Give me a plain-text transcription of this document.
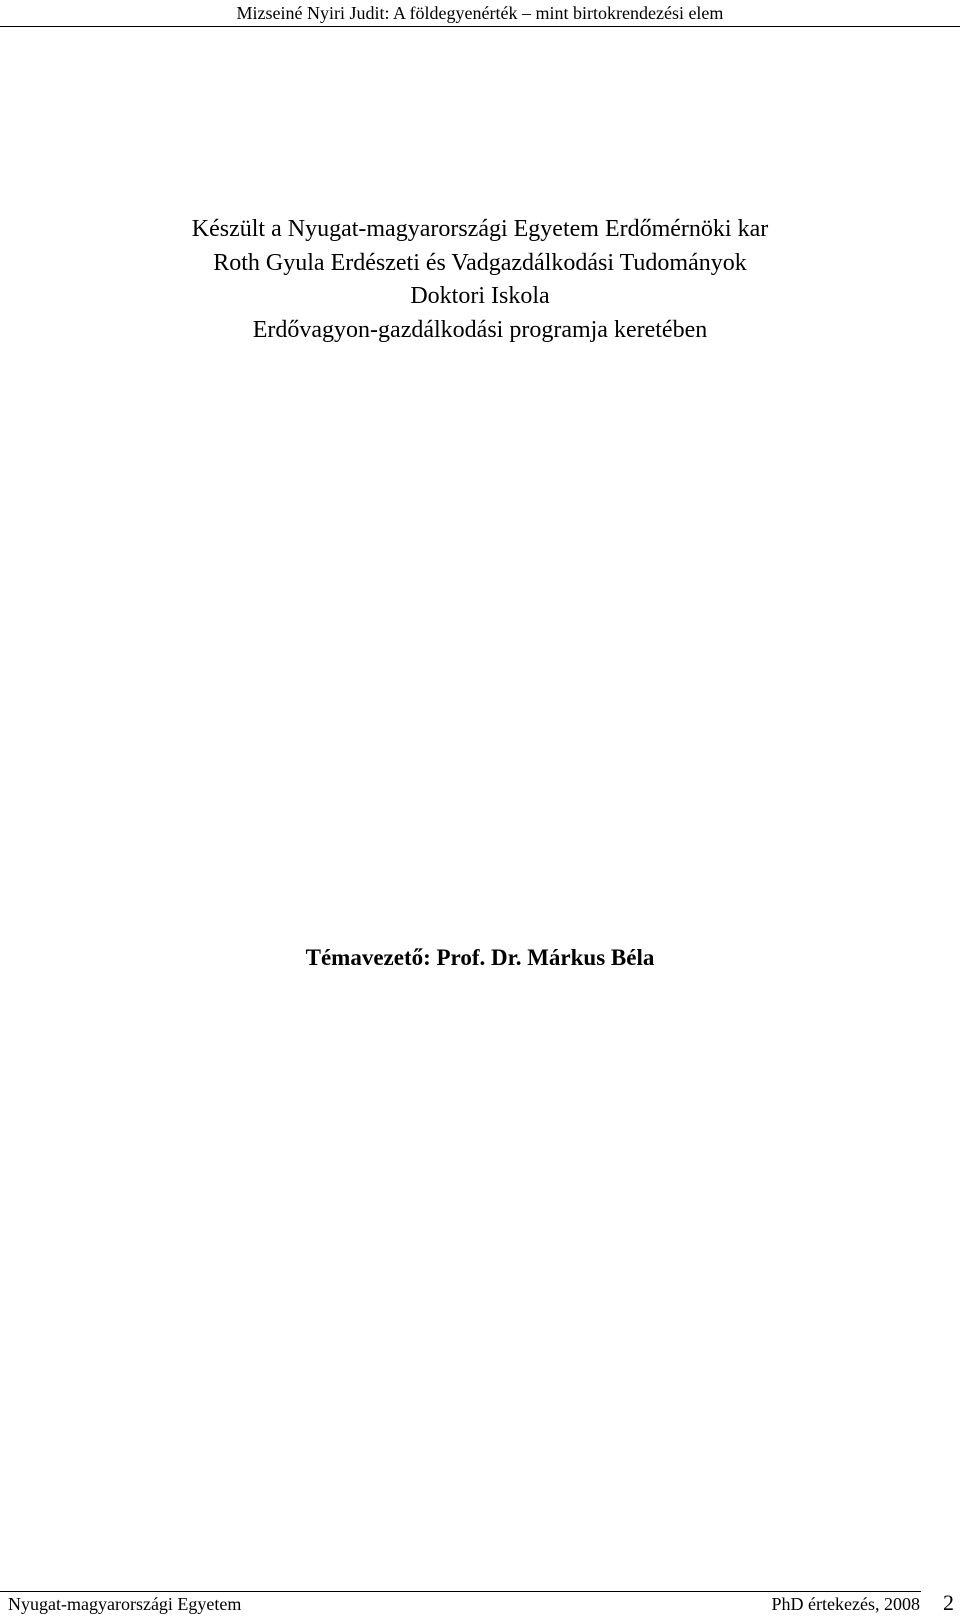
Mizseiné Nyiri Judit: A földegyenérték – mint birtokrendezési elem
Készült a Nyugat-magyarországi Egyetem Erdőmérnöki kar
Roth Gyula Erdészeti és Vadgazdálkodási Tudományok
Doktori Iskola
Erdővagyon-gazdálkodási programja keretében
Témavezető: Prof. Dr. Márkus Béla
Nyugat-magyarországi Egyetem	PhD értekezés, 2008 2
